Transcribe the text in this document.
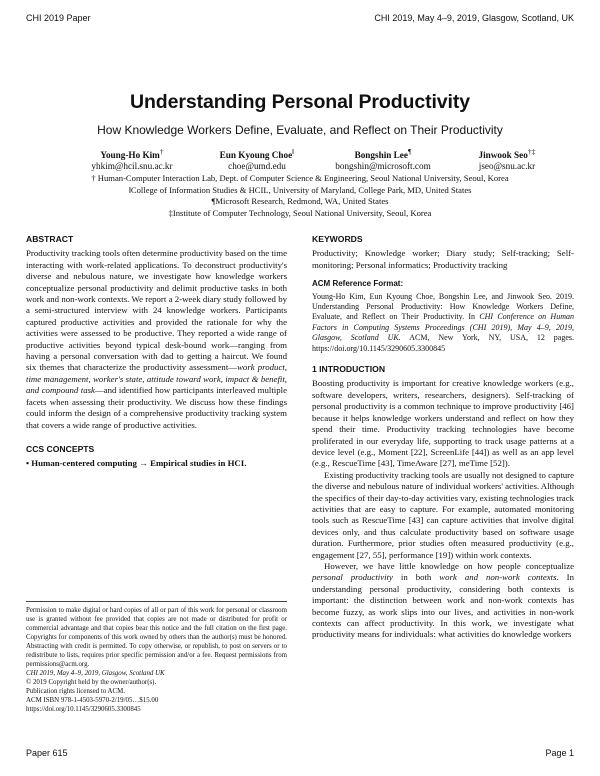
CHI 2019 Paper	CHI 2019, May 4–9, 2019, Glasgow, Scotland, UK
Understanding Personal Productivity
How Knowledge Workers Define, Evaluate, and Reflect on Their Productivity
Young-Ho Kim†
yhkim@hcil.snu.ac.kr
Eun Kyoung Choe‖
choe@umd.edu
Bongshin Lee¶
bongshin@microsoft.com
Jinwook Seo†‡
jseo@snu.ac.kr
† Human-Computer Interaction Lab, Dept. of Computer Science & Engineering, Seoul National University, Seoul, Korea
‖College of Information Studies & HCIL, University of Maryland, College Park, MD, United States
¶Microsoft Research, Redmond, WA, United States
‡Institute of Computer Technology, Seoul National University, Seoul, Korea
ABSTRACT

Productivity tracking tools often determine productivity based on the time interacting with work-related applications. To deconstruct productivity's diverse and nebulous nature, we investigate how knowledge workers conceptualize personal productivity and delimit productive tasks in both work and non-work contexts. We report a 2-week diary study followed by a semi-structured interview with 24 knowledge workers. Participants captured productive activities and provided the rationale for why the activities were assessed to be productive. They reported a wide range of productive activities beyond typical desk-bound work—ranging from having a personal conversation with dad to getting a haircut. We found six themes that characterize the productivity assessment—work product, time management, worker's state, attitude toward work, impact & benefit, and compound task—and identified how participants interleaved multiple facets when assessing their productivity. We discuss how these findings could inform the design of a comprehensive productivity tracking system that covers a wide range of productive activities.

CCS CONCEPTS

• Human-centered computing → Empirical studies in HCI.

Permission to make digital or hard copies of all or part of this work for personal or classroom use is granted without fee provided that copies are not made or distributed for profit or commercial advantage and that copies bear this notice and the full citation on the first page. Copyrights for components of this work owned by others than the author(s) must be honored. Abstracting with credit is permitted. To copy otherwise, or republish, to post on servers or to redistribute to lists, requires prior specific permission and/or a fee. Request permissions from permissions@acm.org.

CHI 2019, May 4–9, 2019, Glasgow, Scotland UK

© 2019 Copyright held by the owner/author(s).

Publication rights licensed to ACM.

ACM ISBN 978-1-4503-5970-2/19/05…$15.00

https://doi.org/10.1145/3290605.3300845

KEYWORDS

Productivity; Knowledge worker; Diary study; Self-tracking; Self-monitoring; Personal informatics; Productivity tracking

ACM Reference Format:

Young-Ho Kim, Eun Kyoung Choe, Bongshin Lee, and Jinwook Seo. 2019. Understanding Personal Productivity: How Knowledge Workers Define, Evaluate, and Reflect on Their Productivity. In CHI Conference on Human Factors in Computing Systems Proceedings (CHI 2019), May 4–9, 2019, Glasgow, Scotland UK. ACM, New York, NY, USA, 12 pages. https://doi.org/10.1145/3290605.3300845

1 INTRODUCTION

Boosting productivity is important for creative knowledge workers (e.g., software developers, writers, researchers, designers). Self-tracking of personal productivity is a common technique to improve productivity [46] because it helps knowledge workers understand and reflect on how they spend their time. Productivity tracking technologies have become proliferated in our everyday life, supporting to track usage patterns at a device level (e.g., Moment [22], ScreenLife [44]) as well as an app level (e.g., RescueTime [43], TimeAware [27], meTime [52]).

Existing productivity tracking tools are usually not designed to capture the diverse and nebulous nature of individual workers' activities. Although the specifics of their day-to-day activities vary, existing technologies track activities that are easy to capture. For example, automated monitoring tools such as RescueTime [43] can capture activities that involve digital devices only, and thus calculate productivity based on software usage duration. Furthermore, prior studies often measured productivity (e.g., engagement [27, 55], performance [19]) within work contexts.

However, we have little knowledge on how people conceptualize personal productivity in both work and non-work contexts. In understanding personal productivity, considering both contexts is important: the distinction between work and non-work contexts has become fuzzy, as work slips into our lives, and activities in non-work contexts can affect productivity. In this work, we investigate what productivity means for individuals: what activities do knowledge workers

Paper 615	Page 1
